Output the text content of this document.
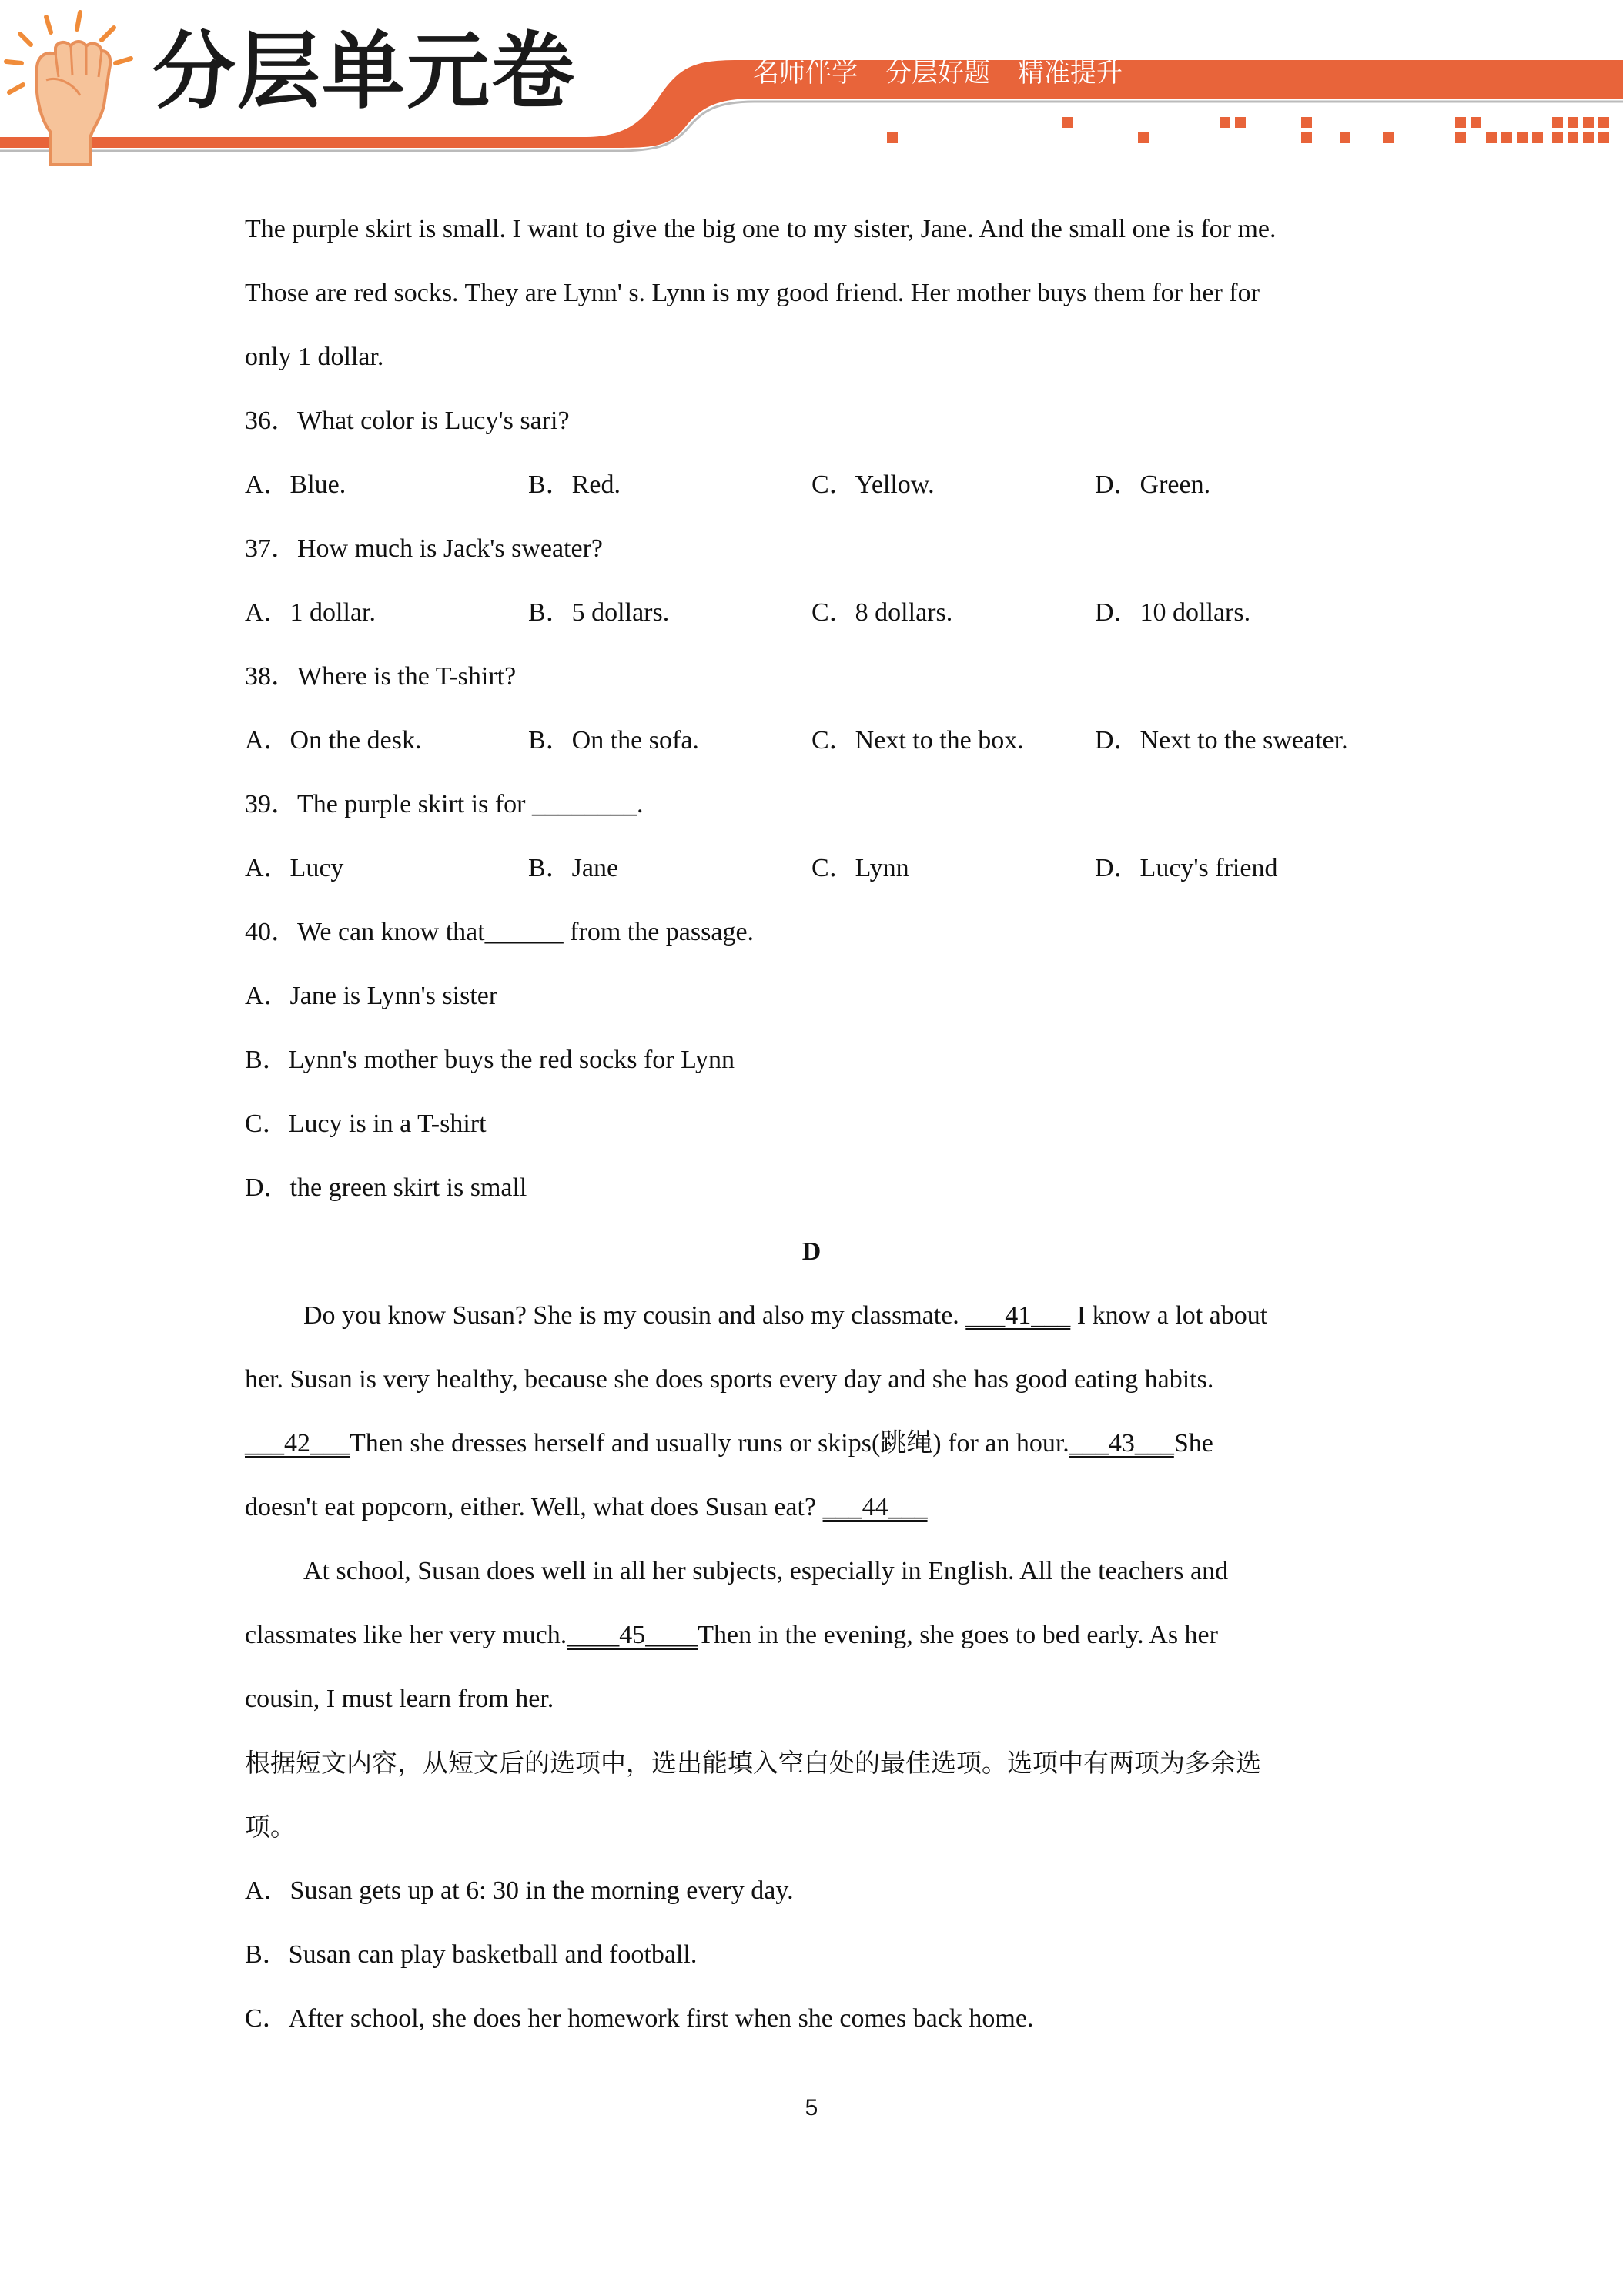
分层单元卷	名师伴学 分层好题 精准提升
The purple skirt is small. I want to give the big one to my sister, Jane. And the small one is for me.
Those are red socks. They are Lynn' s. Lynn is my good friend. Her mother buys them for her for
only 1 dollar.
36．What color is Lucy's sari?
A．Blue.	B．Red.	C．Yellow.	D．Green.
37．How much is Jack's sweater?
A．1 dollar.	B．5 dollars.	C．8 dollars.	D．10 dollars.
38．Where is the T-shirt?
A．On the desk.	B．On the sofa.	C．Next to the box.	D．Next to the sweater.
39．The purple skirt is for ________.
A．Lucy	B．Jane	C．Lynn	D．Lucy's friend
40．We can know that______ from the passage.
A．Jane is Lynn's sister
B．Lynn's mother buys the red socks for Lynn
C．Lucy is in a T-shirt
D．the green skirt is small
D
Do you know Susan? She is my cousin and also my classmate. ___41___ I know a lot about
her. Susan is very healthy, because she does sports every day and she has good eating habits.
___42___Then she dresses herself and usually runs or skips(跳绳) for an hour.___43___She
doesn't eat popcorn, either. Well, what does Susan eat? ___44___
At school, Susan does well in all her subjects, especially in English. All the teachers and
classmates like her very much.____45____Then in the evening, she goes to bed early. As her
cousin, I must learn from her.
根据短文内容，从短文后的选项中，选出能填入空白处的最佳选项。选项中有两项为多余选
项。
A．Susan gets up at 6: 30 in the morning every day.
B．Susan can play basketball and football.
C．After school, she does her homework first when she comes back home.
5
